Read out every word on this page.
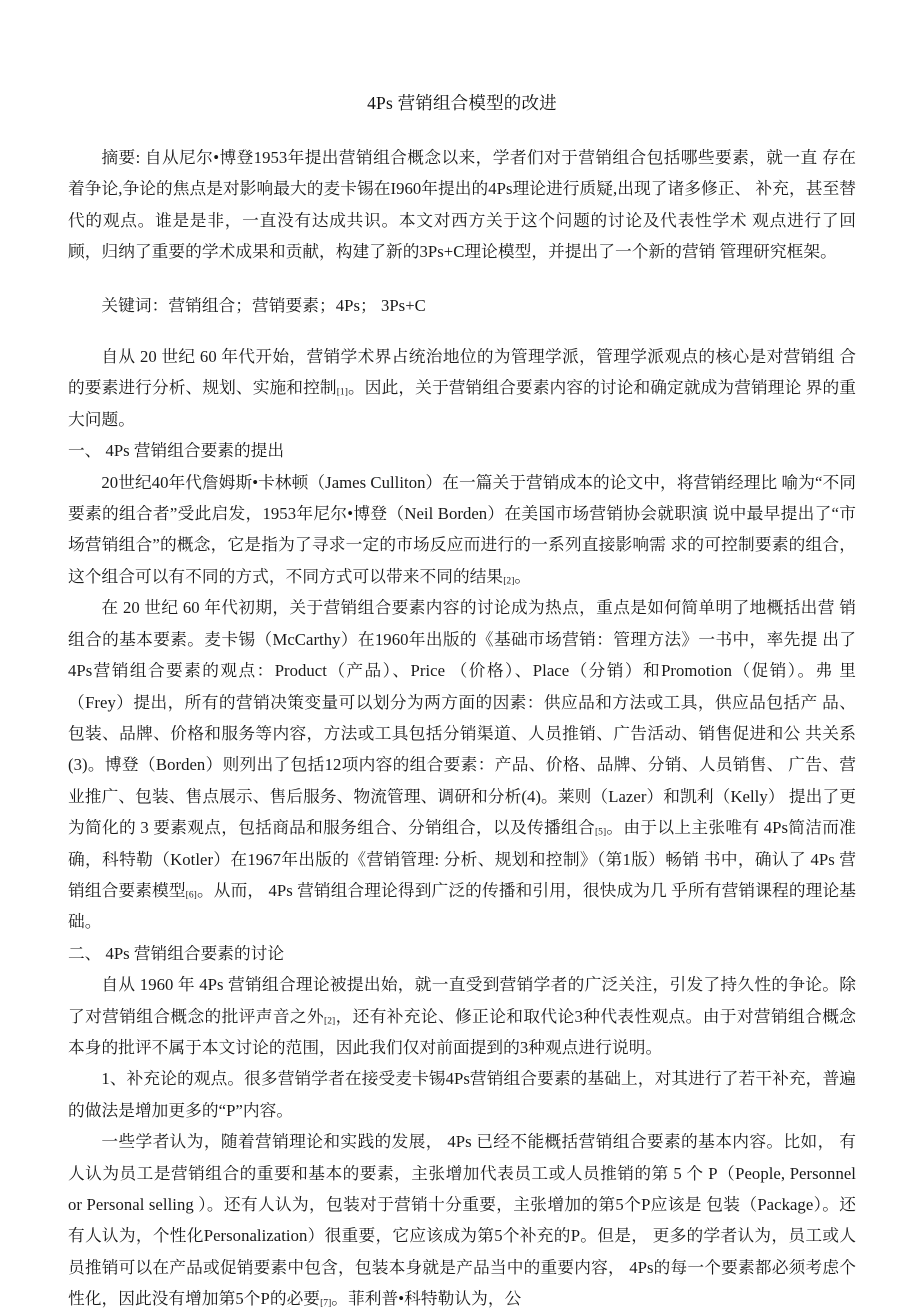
4Ps 营销组合模型的改进

摘要: 自从尼尔•博登1953年提出营销组合概念以来，学者们对于营销组合包括哪些要素，就一直 存在着争论,争论的焦点是对影响最大的麦卡锡在I960年提出的4Ps理论进行质疑,出现了诸多修正、 补充，甚至替代的观点。谁是是非，一直没有达成共识。本文对西方关于这个问题的讨论及代表性学术 观点进行了回顾，归纳了重要的学术成果和贡献，构建了新的3Ps+C理论模型，并提出了一个新的营销 管理研究框架。

关键词：营销组合；营销要素；4Ps； 3Ps+C

自从 20 世纪 60 年代开始，营销学术界占统治地位的为管理学派，管理学派观点的核心是对营销组 合的要素进行分析、规划、实施和控制$_{[1]}$。因此，关于营销组合要素内容的讨论和确定就成为营销理论 界的重大问题。

一、 4Ps 营销组合要素的提出

20世纪40年代詹姆斯•卡林顿（James Culliton）在一篇关于营销成本的论文中，将营销经理比 喻为“不同要素的组合者”受此启发，1953年尼尔•博登（Neil Borden）在美国市场营销协会就职演 说中最早提出了“市场营销组合”的概念，它是指为了寻求一定的市场反应而进行的一系列直接影响需 求的可控制要素的组合，这个组合可以有不同的方式，不同方式可以带来不同的结果$_{[2]}$。

在 20 世纪 60 年代初期，关于营销组合要素内容的讨论成为热点，重点是如何简单明了地概括出营 销组合的基本要素。麦卡锡（McCarthy）在1960年出版的《基础市场营销：管理方法》一书中，率先提 出了 4Ps营销组合要素的观点：Product（产品）、Price （价格）、Place（分销）和Promotion（促销）。弗 里（Frey）提出，所有的营销决策变量可以划分为两方面的因素：供应品和方法或工具，供应品包括产 品、包装、品牌、价格和服务等内容，方法或工具包括分销渠道、人员推销、广告活动、销售促进和公 共关系(3)。博登（Borden）则列出了包括12项内容的组合要素：产品、价格、品牌、分销、人员销售、 广告、营业推广、包装、售点展示、售后服务、物流管理、调研和分析(4)。莱则（Lazer）和凯利（Kelly） 提出了更为简化的 3 要素观点，包括商品和服务组合、分销组合，以及传播组合$_{[5]}$。由于以上主张唯有 4Ps简洁而准确，科特勒（Kotler）在1967年出版的《营销管理: 分析、规划和控制》（第1版）畅销 书中，确认了 4Ps 营销组合要素模型$_{[6]}$。从而， 4Ps 营销组合理论得到广泛的传播和引用，很快成为几 乎所有营销课程的理论基础。

二、 4Ps 营销组合要素的讨论

自从 1960 年 4Ps 营销组合理论被提出始，就一直受到营销学者的广泛关注，引发了持久性的争论。除了对营销组合概念的批评声音之外$_{[2]}$，还有补充论、修正论和取代论3种代表性观点。由于对营销组合概念本身的批评不属于本文讨论的范围，因此我们仅对前面提到的3种观点进行说明。

1、补充论的观点。很多营销学者在接受麦卡锡4Ps营销组合要素的基础上，对其进行了若干补充，普遍的做法是增加更多的“P”内容。

一些学者认为，随着营销理论和实践的发展， 4Ps 已经不能概括营销组合要素的基本内容。比如， 有人认为员工是营销组合的重要和基本的要素，主张增加代表员工或人员推销的第 5 个 P（People, Personnel or Personal selling ）。还有人认为，包装对于营销十分重要，主张增加的第5个P应该是 包装（Package）。还有人认为，个性化Personalization）很重要，它应该成为第5个补充的P。但是， 更多的学者认为，员工或人员推销可以在产品或促销要素中包含，包装本身就是产品当中的重要内容， 4Ps的每一个要素都必须考虑个性化，因此没有增加第5个P的必要$_{[7]}$。菲利普•科特勒认为，公
